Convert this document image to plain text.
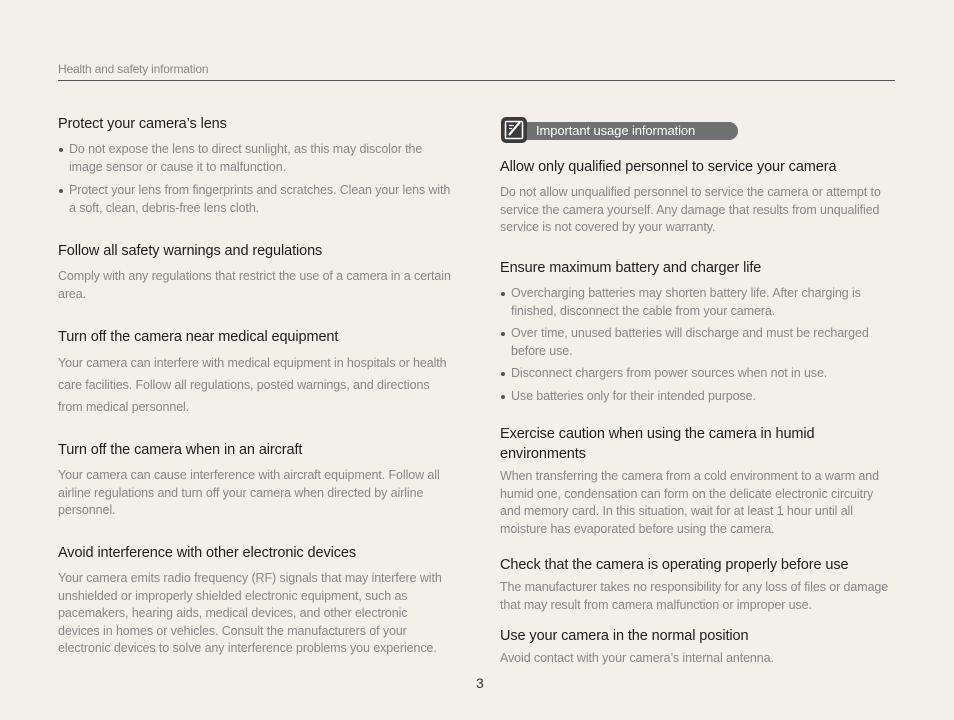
Health and safety information
Protect your camera’s lens
Do not expose the lens to direct sunlight, as this may discolor the image sensor or cause it to malfunction.
Protect your lens from fingerprints and scratches. Clean your lens with a soft, clean, debris-free lens cloth.
Follow all safety warnings and regulations

Comply with any regulations that restrict the use of a camera in a certain area.

Turn off the camera near medical equipment

Your camera can interfere with medical equipment in hospitals or health care facilities. Follow all regulations, posted warnings, and directions from medical personnel.

Turn off the camera when in an aircraft

Your camera can cause interference with aircraft equipment. Follow all airline regulations and turn off your camera when directed by airline personnel.

Avoid interference with other electronic devices

Your camera emits radio frequency (RF) signals that may interfere with unshielded or improperly shielded electronic equipment, such as pacemakers, hearing aids, medical devices, and other electronic devices in homes or vehicles. Consult the manufacturers of your electronic devices to solve any interference problems you experience.

Important usage information
Allow only qualified personnel to service your camera

Do not allow unqualified personnel to service the camera or attempt to service the camera yourself. Any damage that results from unqualified service is not covered by your warranty.

Ensure maximum battery and charger life
Overcharging batteries may shorten battery life. After charging is finished, disconnect the cable from your camera.
Over time, unused batteries will discharge and must be recharged before use.
Disconnect chargers from power sources when not in use.
Use batteries only for their intended purpose.
Exercise caution when using the camera in humid environments

When transferring the camera from a cold environment to a warm and humid one, condensation can form on the delicate electronic circuitry and memory card. In this situation, wait for at least 1 hour until all moisture has evaporated before using the camera.

Check that the camera is operating properly before use

The manufacturer takes no responsibility for any loss of files or damage that may result from camera malfunction or improper use.

Use your camera in the normal position

Avoid contact with your camera’s internal antenna.

3
